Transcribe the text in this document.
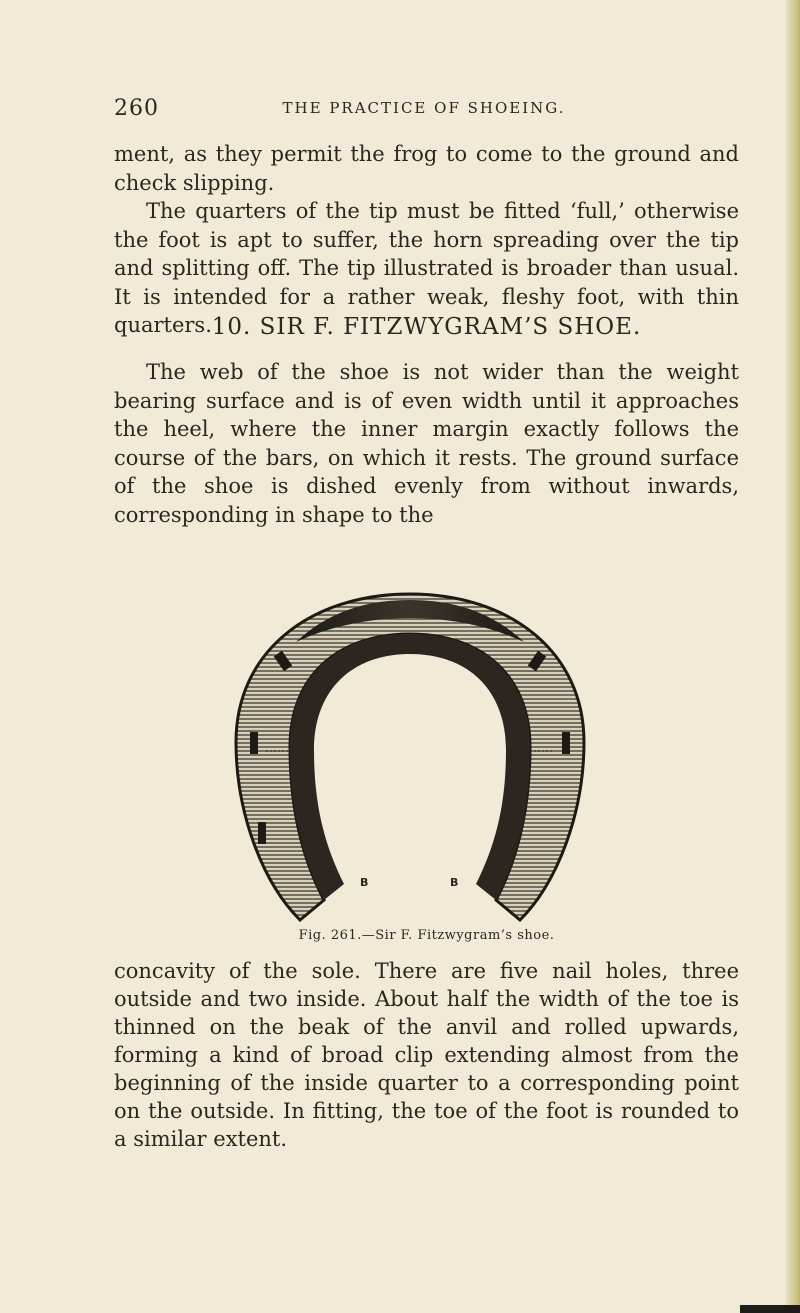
260	THE PRACTICE OF SHOEING.

ment, as they permit the frog to come to the ground and check slipping.

The quarters of the tip must be fitted ‘full,’ otherwise the foot is apt to suffer, the horn spreading over the tip and splitting off. The tip illustrated is broader than usual. It is intended for a rather weak, fleshy foot, with thin quarters. 10. SIR F. FITZWYGRAM’S SHOE.

The web of the shoe is not wider than the weight bearing surface and is of even width until it approaches the heel, where the inner margin exactly follows the course of the bars, on which it rests. The ground surface of the shoe is dished evenly from without inwards, corresponding in shape to the

A	A
B	B
Fig. 261.—Sir F. Fitzwygram’s shoe.

concavity of the sole. There are five nail holes, three outside and two inside. About half the width of the toe is thinned on the beak of the anvil and rolled upwards, forming a kind of broad clip extending almost from the beginning of the inside quarter to a corresponding point on the outside. In fitting, the toe of the foot is rounded to a similar extent.
